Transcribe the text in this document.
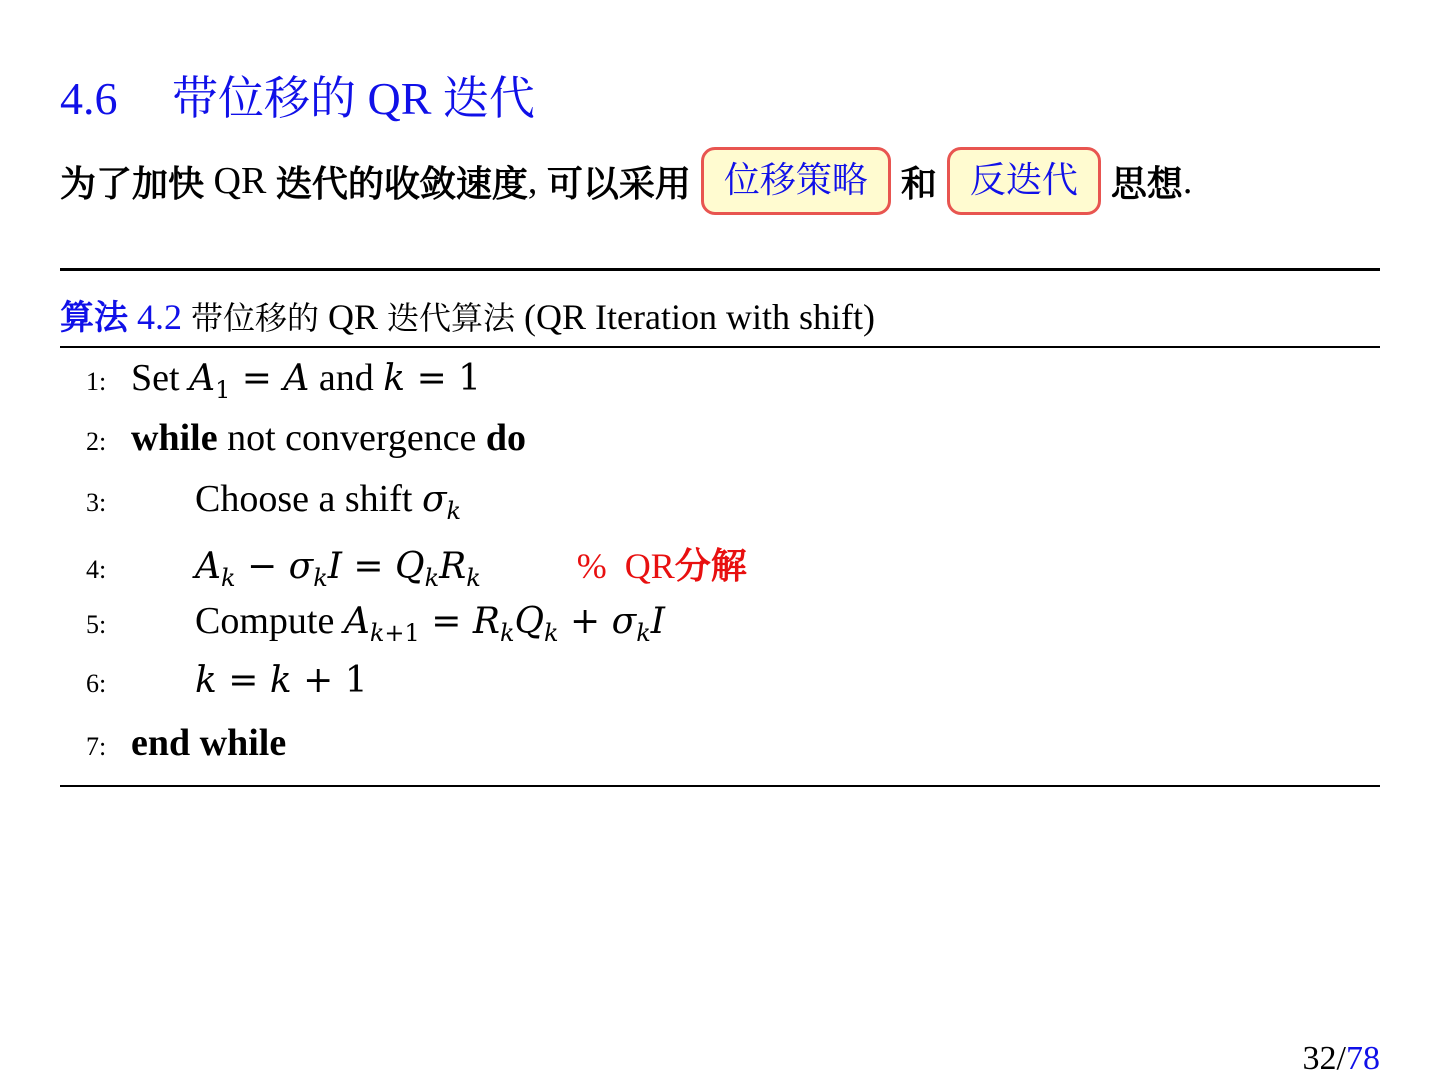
4.6 带位移的 QR 迭代
为了加快
QR
迭代的收敛速度 ,
可以采用 位移策略 和 反迭代 思想 .
算法 4.2 带位移的 QR 迭代算法 (QR Iteration with shift)
1: Set
$A_1 = A$
and
k = 1
2: while
not convergence
do
3:	Choose a shift
$\sigma_k$
4:	$A_k - \sigma_kI = Q_kR_k$	% QR分解
5:	Compute
$A_{k+1} = R_kQ_k + \sigma_kI$
6:	k = k + 1
7: end while
32/78
